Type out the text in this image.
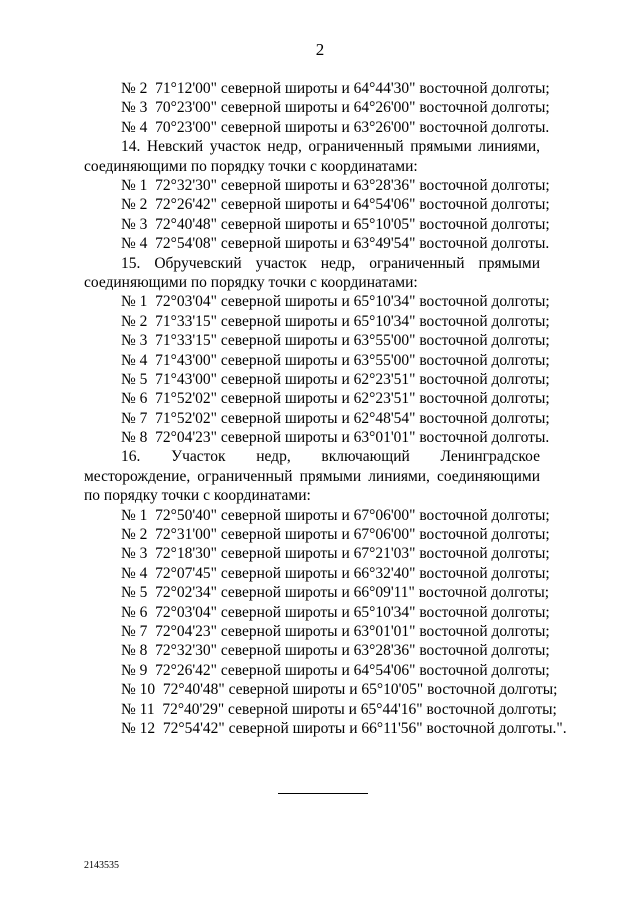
2
№ 2  71°12'00" северной широты и 64°44'30" восточной долготы;
№ 3  70°23'00" северной широты и 64°26'00" восточной долготы;
№ 4  70°23'00" северной широты и 63°26'00" восточной долготы.
14. Невский участок недр, ограниченный прямыми линиями,
соединяющими по порядку точки с координатами:
№ 1  72°32'30" северной широты и 63°28'36" восточной долготы;
№ 2  72°26'42" северной широты и 64°54'06" восточной долготы;
№ 3  72°40'48" северной широты и 65°10'05" восточной долготы;
№ 4  72°54'08" северной широты и 63°49'54" восточной долготы.
15. Обручевский участок недр, ограниченный прямыми
соединяющими по порядку точки с координатами:
№ 1  72°03'04" северной широты и 65°10'34" восточной долготы;
№ 2  71°33'15" северной широты и 65°10'34" восточной долготы;
№ 3  71°33'15" северной широты и 63°55'00" восточной долготы;
№ 4  71°43'00" северной широты и 63°55'00" восточной долготы;
№ 5  71°43'00" северной широты и 62°23'51" восточной долготы;
№ 6  71°52'02" северной широты и 62°23'51" восточной долготы;
№ 7  71°52'02" северной широты и 62°48'54" восточной долготы;
№ 8  72°04'23" северной широты и 63°01'01" восточной долготы.
16. Участок недр, включающий Ленинградское
месторождение, ограниченный прямыми линиями, соединяющими
по порядку точки с координатами:
№ 1  72°50'40" северной широты и 67°06'00" восточной долготы;
№ 2  72°31'00" северной широты и 67°06'00" восточной долготы;
№ 3  72°18'30" северной широты и 67°21'03" восточной долготы;
№ 4  72°07'45" северной широты и 66°32'40" восточной долготы;
№ 5  72°02'34" северной широты и 66°09'11" восточной долготы;
№ 6  72°03'04" северной широты и 65°10'34" восточной долготы;
№ 7  72°04'23" северной широты и 63°01'01" восточной долготы;
№ 8  72°32'30" северной широты и 63°28'36" восточной долготы;
№ 9  72°26'42" северной широты и 64°54'06" восточной долготы;
№ 10  72°40'48" северной широты и 65°10'05" восточной долготы;
№ 11  72°40'29" северной широты и 65°44'16" восточной долготы;
№ 12  72°54'42" северной широты и 66°11'56" восточной долготы.".
2143535
